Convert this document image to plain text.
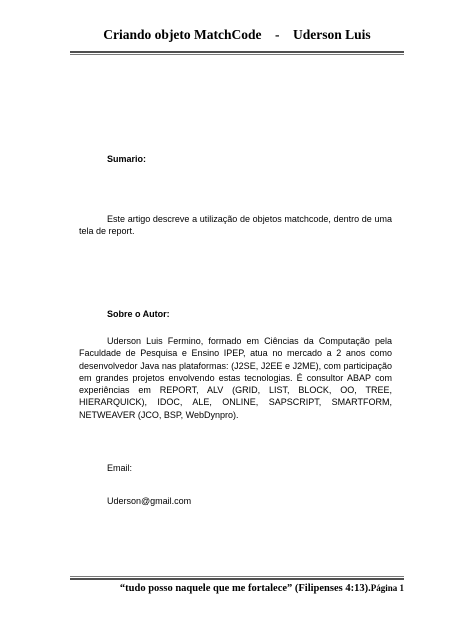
Criando objeto MatchCode    -    Uderson Luis
Sumario:
Este artigo descreve a utilização de objetos matchcode, dentro de uma tela de report.
Sobre o Autor:
Uderson Luis Fermino, formado em Ciências da Computação pela Faculdade de Pesquisa e Ensino IPEP, atua no mercado a 2 anos como desenvolvedor Java nas plataformas: (J2SE, J2EE e J2ME), com participação em grandes projetos envolvendo estas tecnologias. É consultor ABAP com experiências em REPORT, ALV (GRID, LIST, BLOCK, OO, TREE, HIERARQUICK), IDOC, ALE, ONLINE, SAPSCRIPT, SMARTFORM, NETWEAVER (JCO, BSP, WebDynpro).
Email:
Uderson@gmail.com
“tudo posso naquele que me fortalece” (Filipenses 4:13).Página 1
